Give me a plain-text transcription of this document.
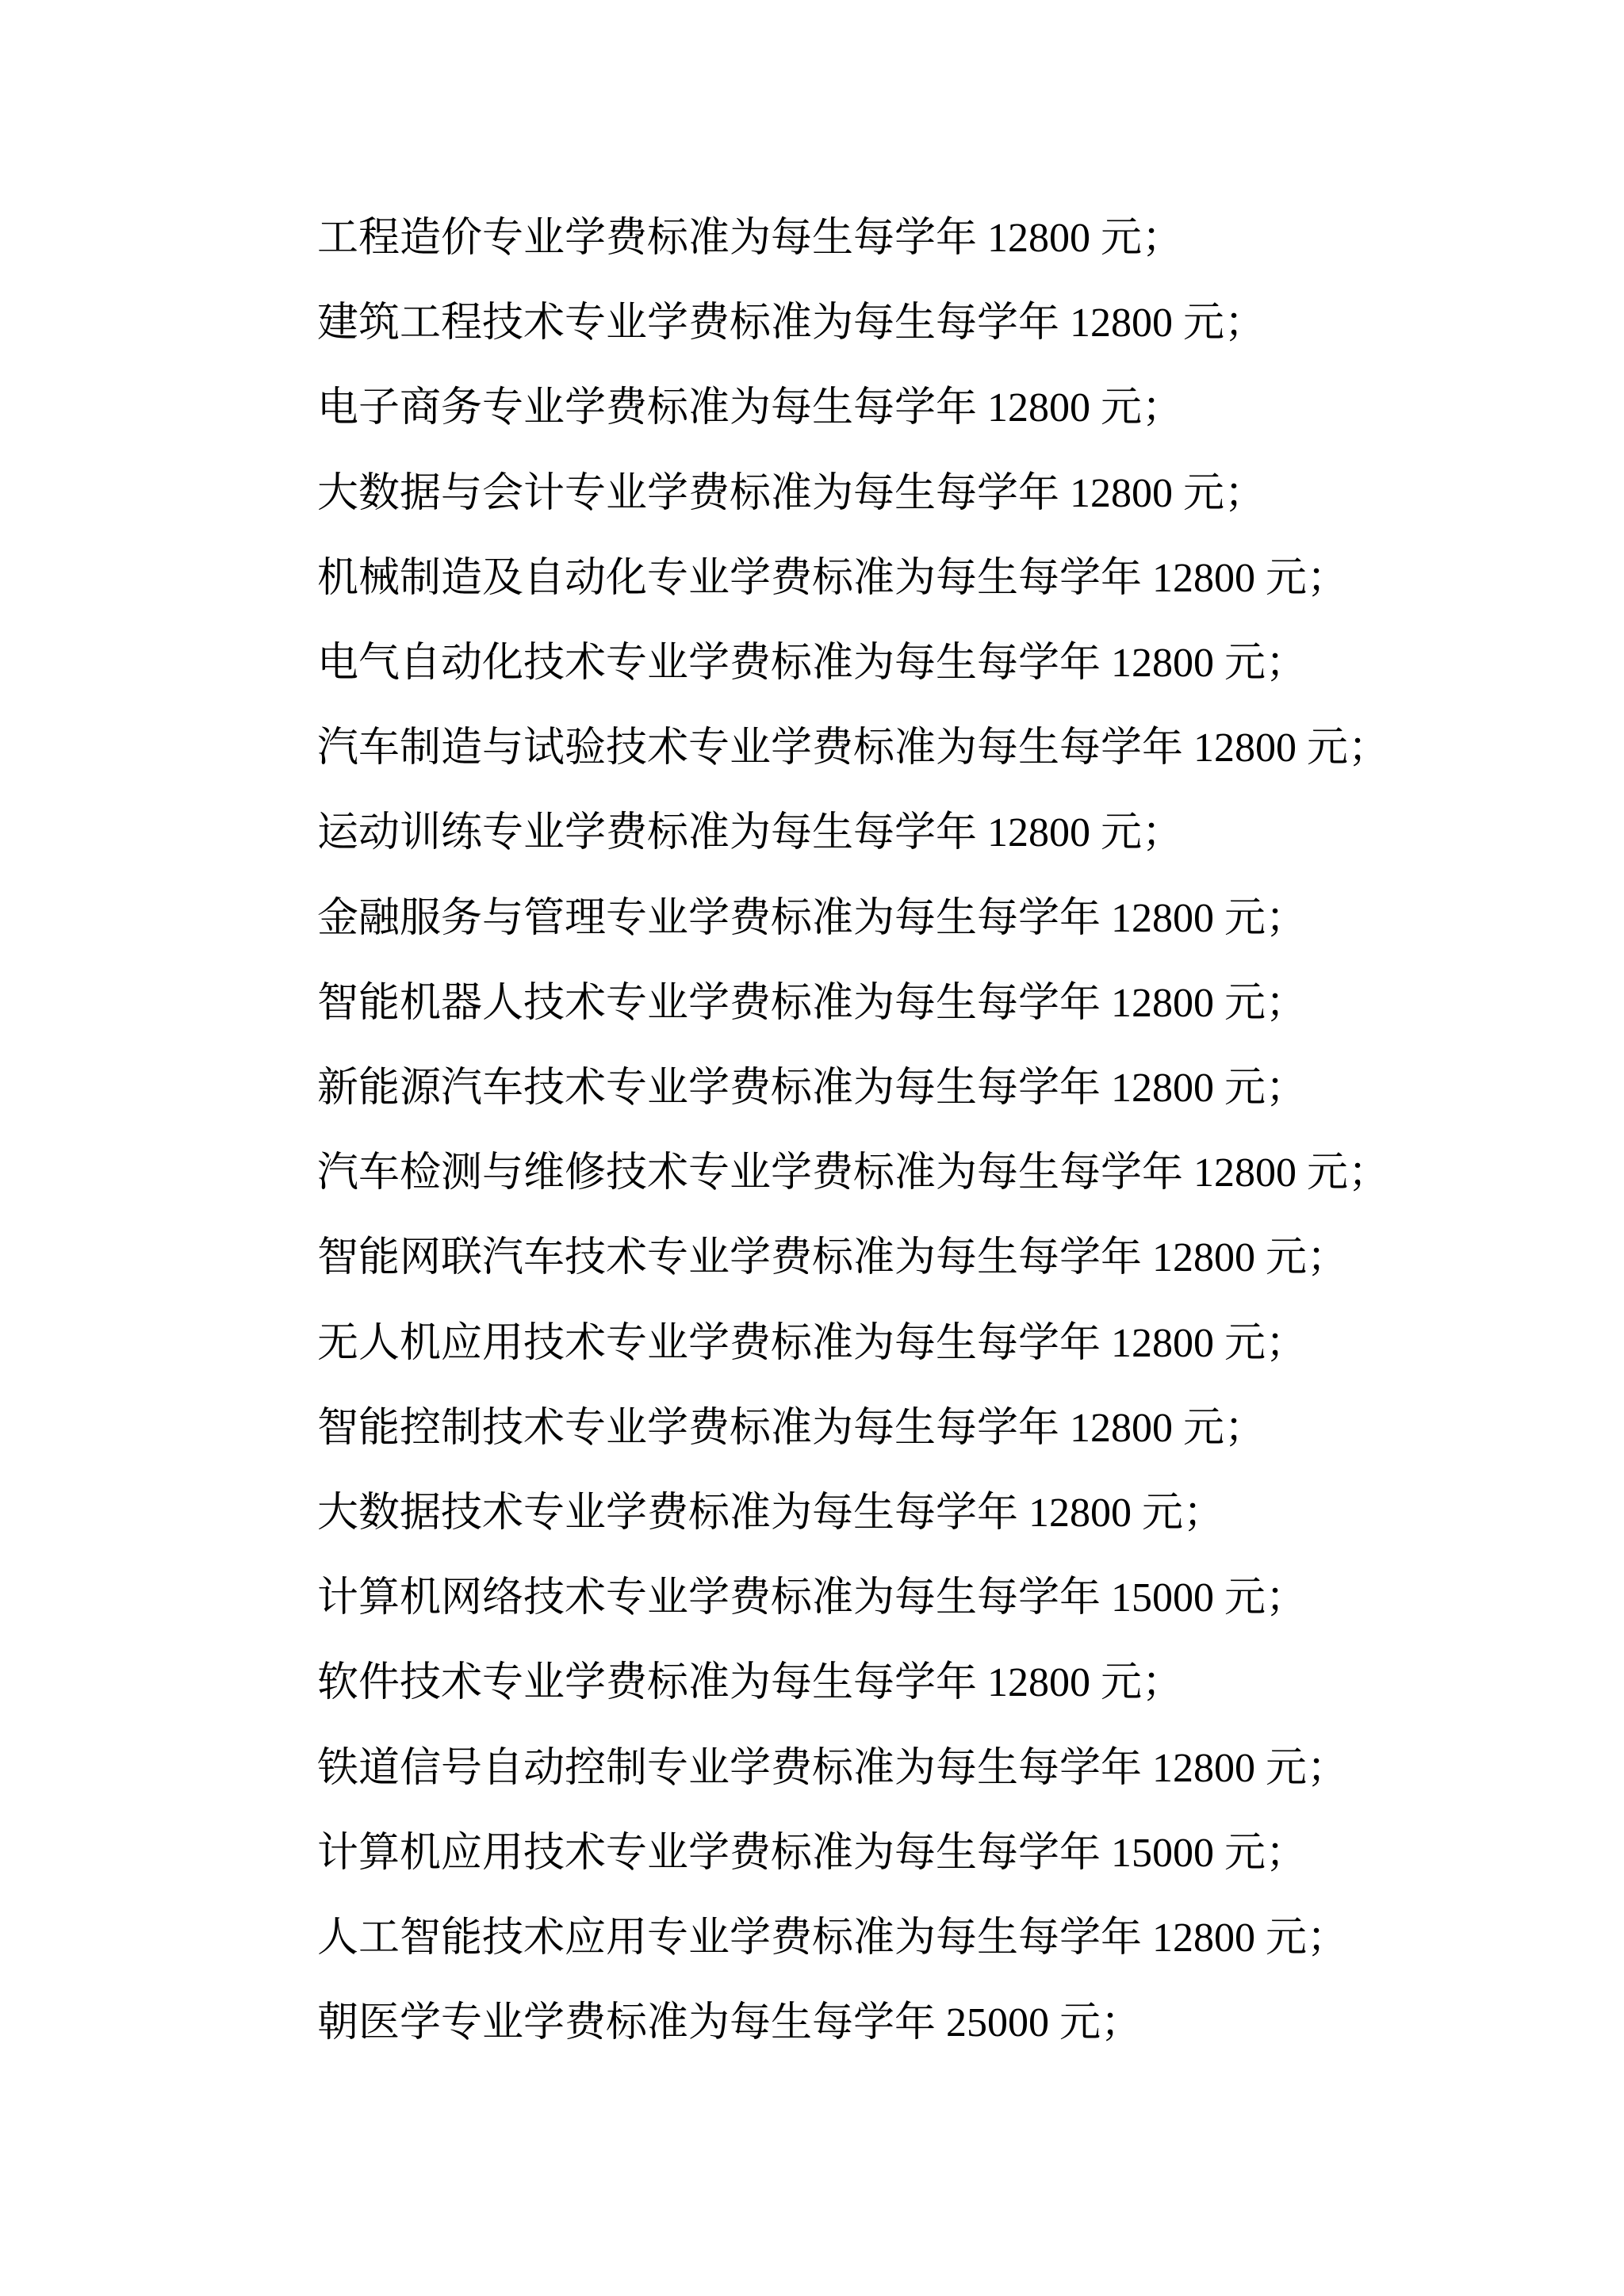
工程造价专业学费标准为每生每学年 12800 元；

建筑工程技术专业学费标准为每生每学年 12800 元；

电子商务专业学费标准为每生每学年 12800 元；

大数据与会计专业学费标准为每生每学年 12800 元；

机械制造及自动化专业学费标准为每生每学年 12800 元；

电气自动化技术专业学费标准为每生每学年 12800 元；

汽车制造与试验技术专业学费标准为每生每学年 12800 元；

运动训练专业学费标准为每生每学年 12800 元；

金融服务与管理专业学费标准为每生每学年 12800 元；

智能机器人技术专业学费标准为每生每学年 12800 元；

新能源汽车技术专业学费标准为每生每学年 12800 元；

汽车检测与维修技术专业学费标准为每生每学年 12800 元；

智能网联汽车技术专业学费标准为每生每学年 12800 元；

无人机应用技术专业学费标准为每生每学年 12800 元；

智能控制技术专业学费标准为每生每学年 12800 元；

大数据技术专业学费标准为每生每学年 12800 元；

计算机网络技术专业学费标准为每生每学年 15000 元；

软件技术专业学费标准为每生每学年 12800 元；

铁道信号自动控制专业学费标准为每生每学年 12800 元；

计算机应用技术专业学费标准为每生每学年 15000 元；

人工智能技术应用专业学费标准为每生每学年 12800 元；

朝医学专业学费标准为每生每学年 25000 元；
